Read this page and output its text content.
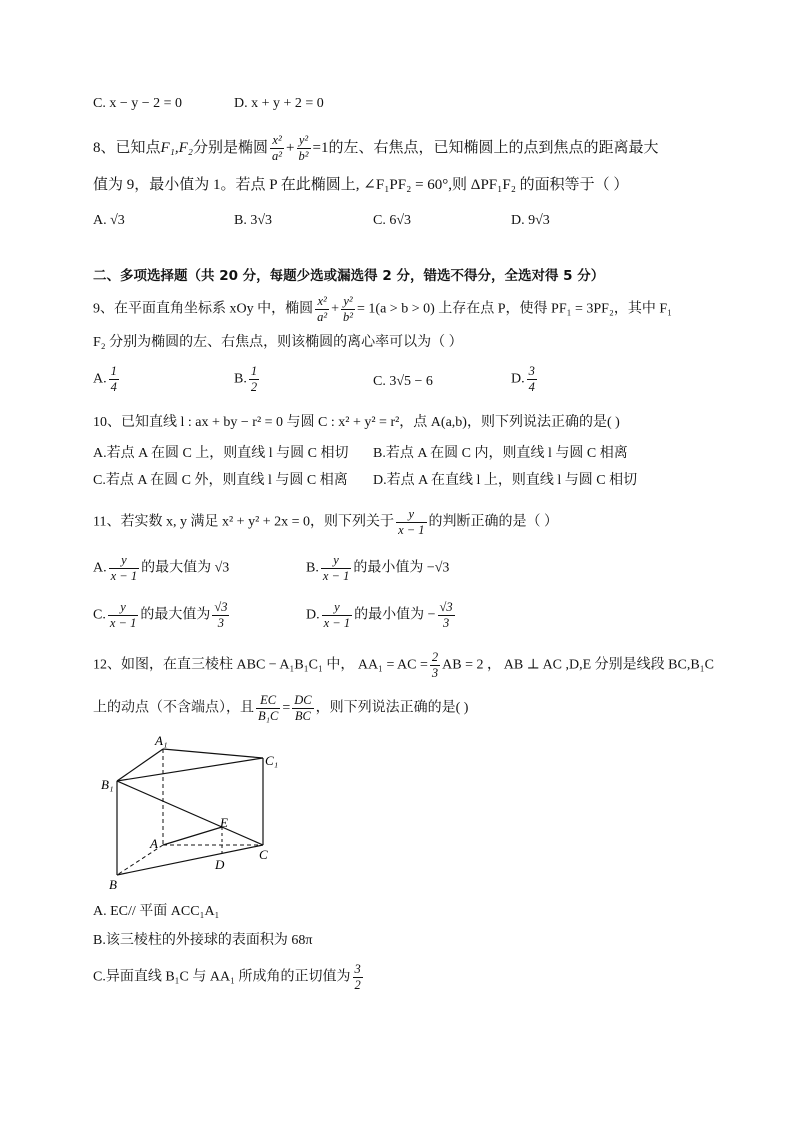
C. x − y − 2 = 0	D. x + y + 2 = 0
8、已知点F₁,F₂分别是椭圆 $\frac{\text{x²}}{\text{a²}} + \frac{\text{y²}}{\text{b²}} =1$的左、右焦点，已知椭圆上的点到焦点的距离最大
值为 9，最小值为 1。若点 P 在此椭圆上, ∠F₁PF₂ = 60°,则 ΔPF₁F₂ 的面积等于（ ）
A. √3	B. 3√3	C. 6√3	D. 9√3
二、多项选择题（共 20 分，每题少选或漏选得 2 分，错选不得分，全选对得 5 分）
9、在平面直角坐标系 xOy 中，椭圆 $\frac{\text{x²}}{\text{a²}} + \frac{\text{y²}}{\text{b²}} = 1(a > b > 0)$ 上存在点 P，使得 PF₁ = 3PF₂，其中 F₁
F₂ 分别为椭圆的左、右焦点，则该椭圆的离心率可以为（ ）
A. $\frac{1}{4}$	B. $\frac{1}{2}$	C. 3√5 − 6	D. $\frac{3}{4}$
10、已知直线 l : ax + by − r² = 0 与圆 C : x² + y² = r²，点 A(a,b)，则下列说法正确的是( )
A.若点 A 在圆 C 上，则直线 l 与圆 C 相切 B.若点 A 在圆 C 内，则直线 l 与圆 C 相离
C.若点 A 在圆 C 外，则直线 l 与圆 C 相离 D.若点 A 在直线 l 上，则直线 l 与圆 C 相切
11、若实数 x, y 满足 x² + y² + 2x = 0，则下列关于 $\frac{y}{x - 1}$ 的判断正确的是（ ）
A. $\frac{y}{x - 1}$ 的最大值为 √3	B. $\frac{y}{x - 1}$ 的最小值为 −√3
C. $\frac{y}{x - 1}$ 的最大值为 $\frac{√3}{3}$	D. $\frac{y}{x - 1}$ 的最小值为 − $\frac{√3}{3}$
12、如图，在直三棱柱 ABC − A₁B₁C₁ 中， AA₁ = AC = $\frac{2}{3}$ AB = 2 ， AB ⊥ AC ,D,E 分别是线段 BC,B₁C
上的动点（不含端点），且 $\frac{EC}{\text{B₁C}} = \frac{DC}{BC}$ ，则下列说法正确的是( )
A₁
C₁
B₁
E
A
C
D
B
A. EC// 平面 ACC₁A₁
B.该三棱柱的外接球的表面积为 68π
C.异面直线 B₁C 与 AA₁ 所成角的正切值为 $\frac{3}{2}$
